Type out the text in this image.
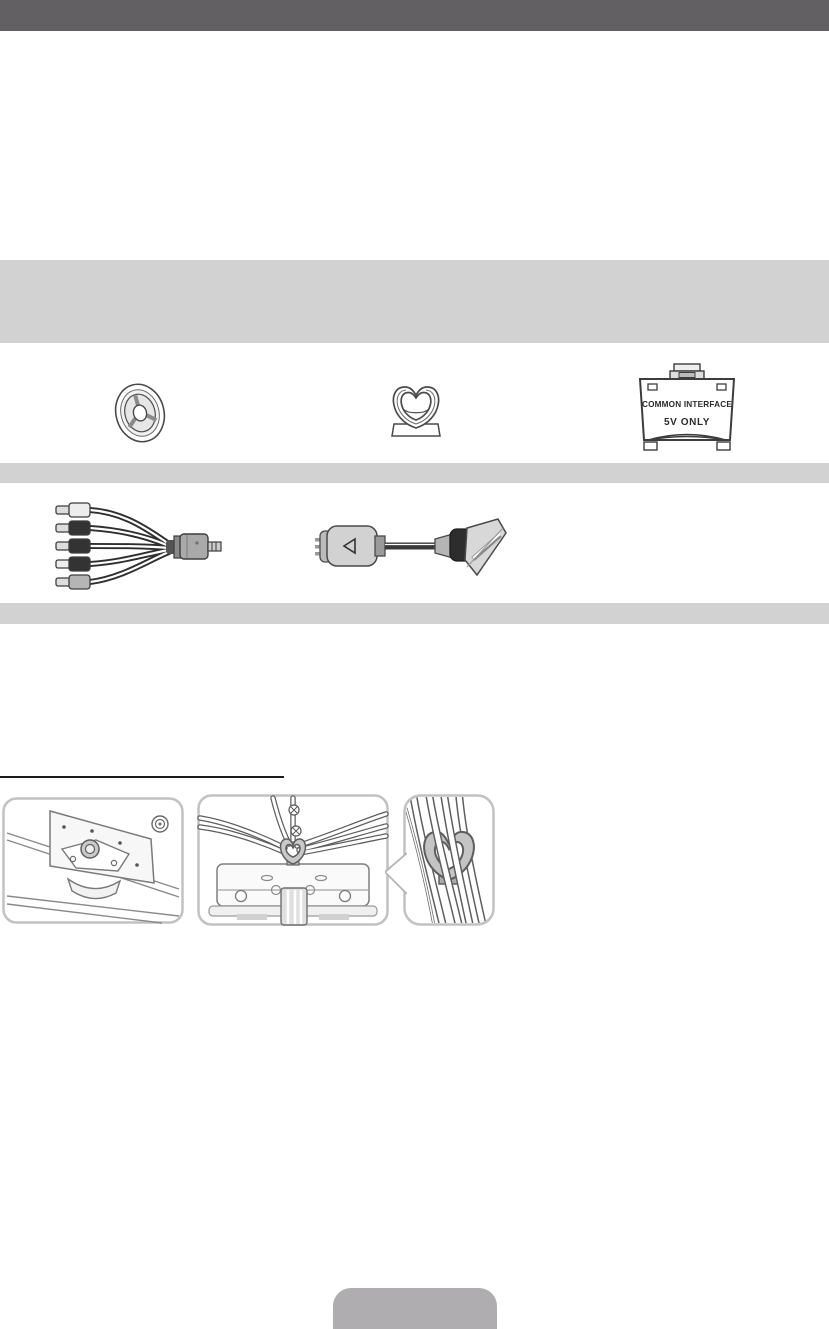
COMMON INTERFACE
5V ONLY
